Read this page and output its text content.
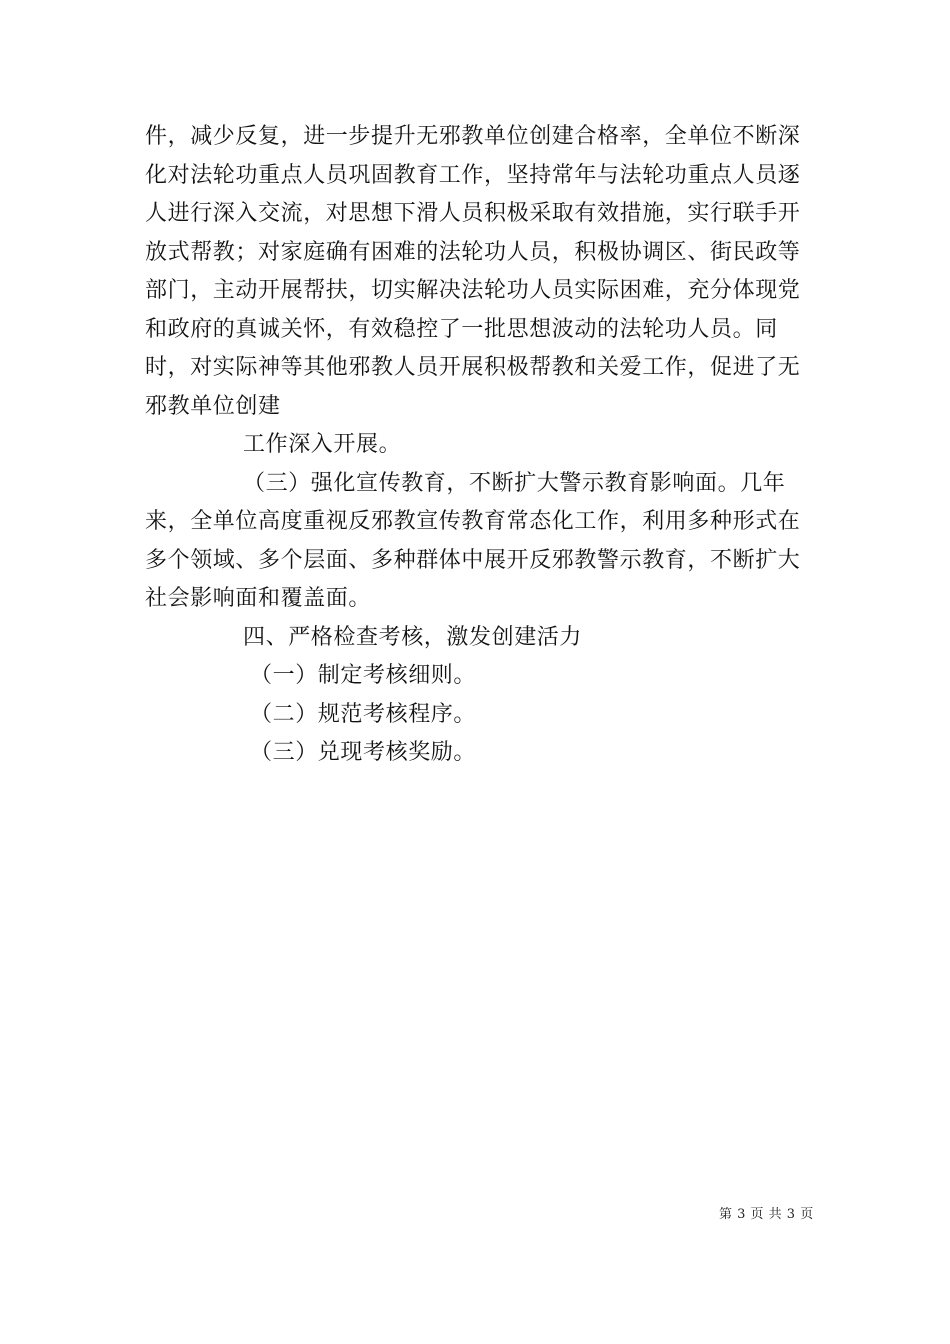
件，减少反复，进一步提升无邪教单位创建合格率，全单位不断深化对法轮功重点人员巩固教育工作，坚持常年与法轮功重点人员逐人进行深入交流，对思想下滑人员积极采取有效措施，实行联手开放式帮教；对家庭确有困难的法轮功人员，积极协调区、街民政等部门，主动开展帮扶，切实解决法轮功人员实际困难，充分体现党和政府的真诚关怀，有效稳控了一批思想波动的法轮功人员。同时，对实际神等其他邪教人员开展积极帮教和关爱工作，促进了无邪教单位创建

工作深入开展。

（三）强化宣传教育，不断扩大警示教育影响面。几年来，全单位高度重视反邪教宣传教育常态化工作，利用多种形式在多个领域、多个层面、多种群体中展开反邪教警示教育，不断扩大社会影响面和覆盖面。

四、严格检查考核，激发创建活力

（一）制定考核细则。

（二）规范考核程序。

（三）兑现考核奖励。

第 3 页 共 3 页
